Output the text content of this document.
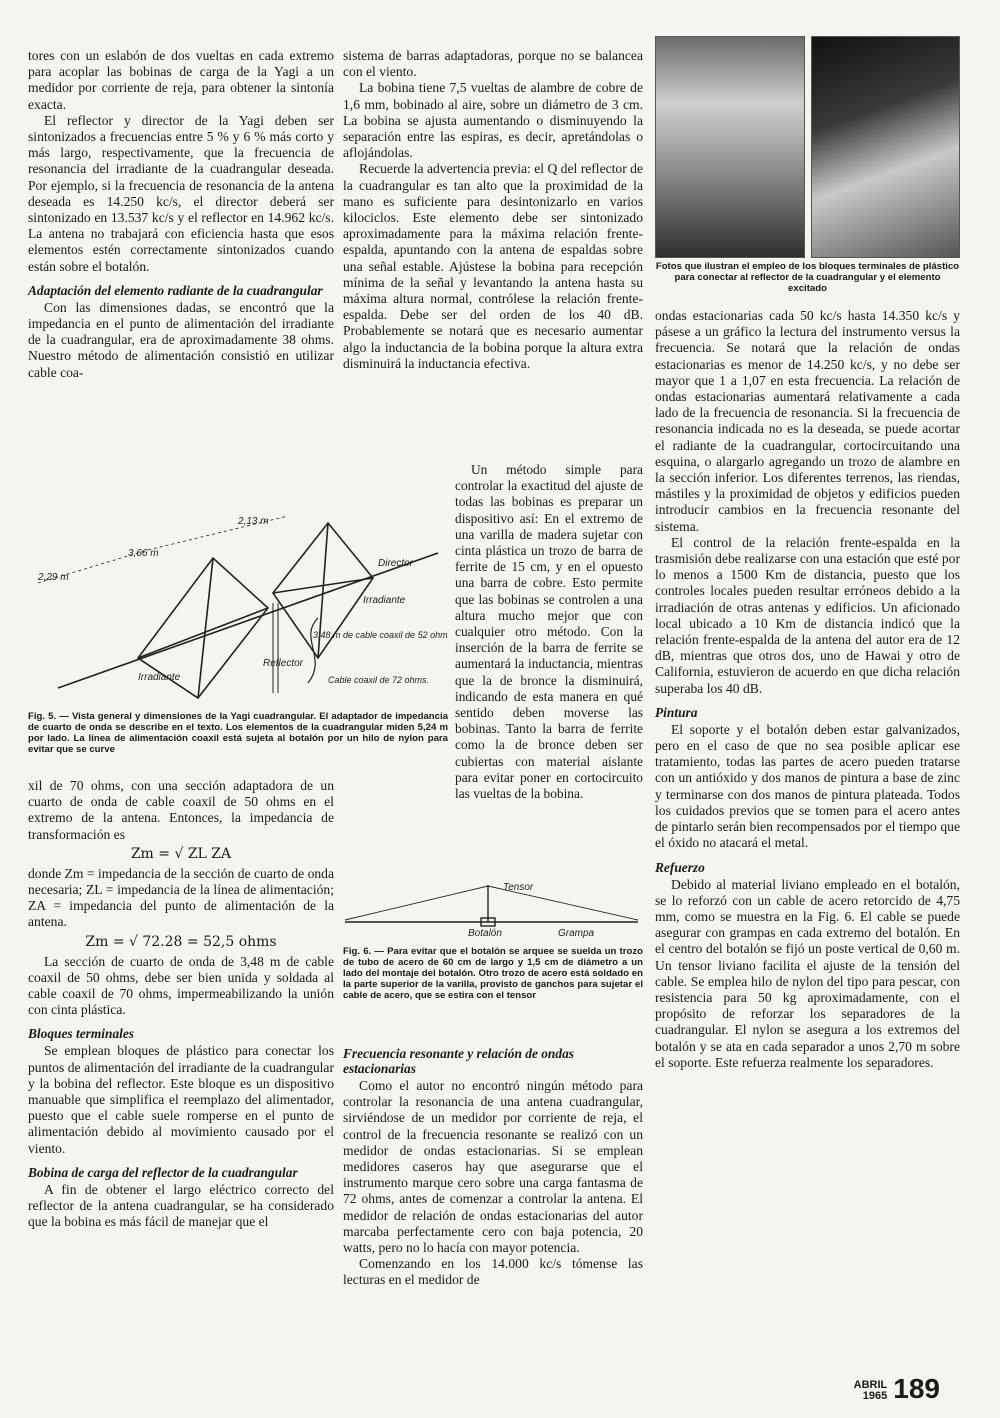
tores con un eslabón de dos vueltas en cada extremo para acoplar las bobinas de carga de la Yagi a un medidor por corriente de reja, para obtener la sintonía exacta.

El reflector y director de la Yagi deben ser sintonizados a frecuencias entre 5 % y 6 % más corto y más largo, respectivamente, que la frecuencia de resonancia del irradiante de la cuadrangular deseada. Por ejemplo, si la frecuencia de resonancia de la antena deseada es 14.250 kc/s, el director deberá ser sintonizado en 13.537 kc/s y el reflector en 14.962 kc/s. La antena no trabajará con eficiencia hasta que esos elementos estén correctamente sintonizados cuando están sobre el botalón.

Adaptación del elemento radiante de la cuadrangular

Con las dimensiones dadas, se encontró que la impedancia en el punto de alimentación del irradiante de la cuadrangular, era de aproximadamente 38 ohms. Nuestro método de alimentación consistió en utilizar cable coa-

2,13 m
3,66 m
2,29 m
Director
Irradiante
3,48 m de cable coaxil de 52 ohms.
Cable coaxil de 72 ohms.
Reflector
Irradiante
Fig. 5. — Vista general y dimensiones de la Yagi cuadrangular. El adaptador de impedancia de cuarto de onda se describe en el texto. Los elementos de la cuadrangular miden 5,24 m por lado. La línea de alimentación coaxil está sujeta al botalón por un hilo de nylon para evitar que se curve

xil de 70 ohms, con una sección adaptadora de un cuarto de onda de cable coaxil de 50 ohms en el extremo de la antena. Entonces, la impedancia de transformación es

Zm = √ ZL ZA

donde Zm = impedancia de la sección de cuarto de onda necesaria; ZL = impedancia de la línea de alimentación; ZA = impedancia del punto de alimentación de la antena.

Zm = √ 72.28 = 52,5 ohms

La sección de cuarto de onda de 3,48 m de cable coaxil de 50 ohms, debe ser bien unida y soldada al cable coaxil de 70 ohms, impermeabilizando la unión con cinta plástica.

Bloques terminales

Se emplean bloques de plástico para conectar los puntos de alimentación del irradiante de la cuadrangular y la bobina del reflector. Este bloque es un dispositivo manuable que simplifica el reemplazo del alimentador, puesto que el cable suele romperse en el punto de alimentación debido al movimiento causado por el viento.

Bobina de carga del reflector de la cuadrangular

A fin de obtener el largo eléctrico correcto del reflector de la antena cuadrangular, se ha considerado que la bobina es más fácil de manejar que el

sistema de barras adaptadoras, porque no se balancea con el viento.

La bobina tiene 7,5 vueltas de alambre de cobre de 1,6 mm, bobinado al aire, sobre un diámetro de 3 cm. La bobina se ajusta aumentando o disminuyendo la separación entre las espiras, es decir, apretándolas o aflojándolas.

Recuerde la advertencia previa: el Q del reflector de la cuadrangular es tan alto que la proximidad de la mano es suficiente para desintonizarlo en varios kilociclos. Este elemento debe ser sintonizado aproximadamente para la máxima relación frente-espalda, apuntando con la antena de espaldas sobre una señal estable. Ajústese la bobina para recepción mínima de la señal y levantando la antena hasta su máxima altura normal, contrólese la relación frente-espalda. Debe ser del orden de los 40 dB. Probablemente se notará que es necesario aumentar algo la inductancia de la bobina porque la altura extra disminuirá la inductancia efectiva.

Un método simple para controlar la exactitud del ajuste de todas las bobinas es preparar un dispositivo así: En el extremo de una varilla de madera sujetar con cinta plástica un trozo de barra de ferrite de 15 cm, y en el opuesto una barra de cobre. Esto permite que las bobinas se controlen a una altura mucho mejor que con cualquier otro método. Con la inserción de la barra de ferrite se aumentará la inductancia, mientras que la de bronce la disminuirá, indicando de esta manera en qué sentido deben moverse las bobinas. Tanto la barra de ferrite como la de bronce deben ser cubiertas con material aislante para evitar poner en cortocircuito las vueltas de la bobina.

Tensor
Botalón	Grampa
Fig. 6. — Para evitar que el botalón se arquee se suelda un trozo de tubo de acero de 60 cm de largo y 1,5 cm de diámetro a un lado del montaje del botalón. Otro trozo de acero está soldado en la parte superior de la varilla, provisto de ganchos para sujetar el cable de acero, que se estira con el tensor
Frecuencia resonante y relación de ondas estacionarias

Como el autor no encontró ningún método para controlar la resonancia de una antena cuadrangular, sirviéndose de un medidor por corriente de reja, el control de la frecuencia resonante se realizó con un medidor de ondas estacionarias. Si se emplean medidores caseros hay que asegurarse que el instrumento marque cero sobre una carga fantasma de 72 ohms, antes de comenzar a controlar la antena. El medidor de relación de ondas estacionarias del autor marcaba perfectamente cero con baja potencia, 20 watts, pero no lo hacía con mayor potencia.

Comenzando en los 14.000 kc/s tómense las lecturas en el medidor de

Fotos que ilustran el empleo de los bloques terminales de plástico para conectar al reflector de la cuadrangular y el elemento excitado

ondas estacionarias cada 50 kc/s hasta 14.350 kc/s y pásese a un gráfico la lectura del instrumento versus la frecuencia. Se notará que la relación de ondas estacionarias es menor de 14.250 kc/s, y no debe ser mayor que 1 a 1,07 en esta frecuencia. La relación de ondas estacionarias aumentará relativamente a cada lado de la frecuencia de resonancia. Si la frecuencia de resonancia indicada no es la deseada, se puede acortar el radiante de la cuadrangular, cortocircuitando una esquina, o alargarlo agregando un trozo de alambre en la sección inferior. Los diferentes terrenos, las riendas, mástiles y la proximidad de objetos y edificios pueden introducir cambios en la frecuencia resonante del sistema.

El control de la relación frente-espalda en la trasmisión debe realizarse con una estación que esté por lo menos a 1500 Km de distancia, puesto que los controles locales pueden resultar erróneos debido a la irradiación de otras antenas y edificios. Un aficionado local ubicado a 10 Km de distancia indicó que la relación frente-espalda de la antena del autor era de 12 dB, mientras que otros dos, uno de Hawai y otro de California, estuvieron de acuerdo en que dicha relación superaba los 40 dB.

Pintura

El soporte y el botalón deben estar galvanizados, pero en el caso de que no sea posible aplicar ese tratamiento, todas las partes de acero pueden tratarse con un antióxido y dos manos de pintura a base de zinc y terminarse con dos manos de pintura plateada. Todos los cuidados previos que se tomen para el acero antes de pintarlo serán bien recompensados por el tiempo que el óxido no atacará el metal.

Refuerzo

Debido al material liviano empleado en el botalón, se lo reforzó con un cable de acero retorcido de 4,75 mm, como se muestra en la Fig. 6. El cable se puede asegurar con grampas en cada extremo del botalón. En el centro del botalón se fijó un poste vertical de 0,60 m. Un tensor liviano facilita el ajuste de la tensión del cable. Se emplea hilo de nylon del tipo para pescar, con resistencia para 50 kg aproximadamente, con el propósito de reforzar los separadores de la cuadrangular. El nylon se asegura a los extremos del botalón y se ata en cada separador a unos 2,70 m sobre el soporte. Este refuerza realmente los separadores.

ABRIL
1965 189
